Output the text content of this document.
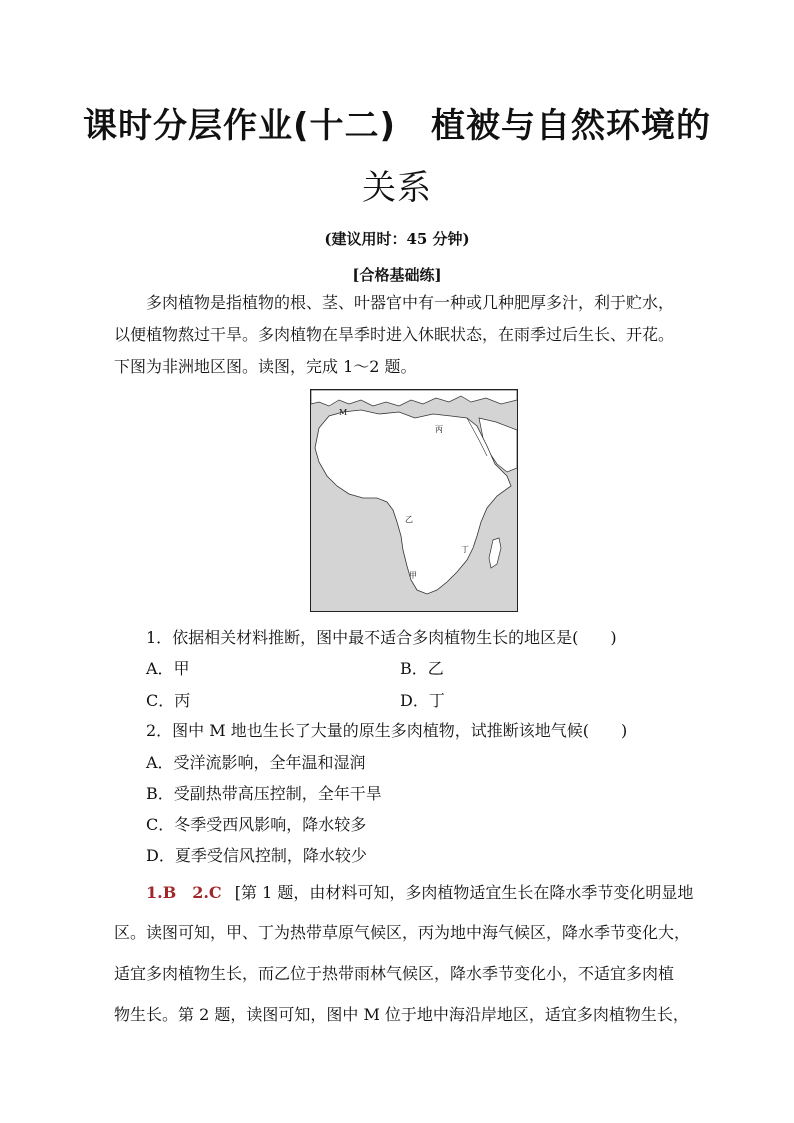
课时分层作业(十二)　植被与自然环境的
关系
(建议用时：45 分钟)
[合格基础练]
多肉植物是指植物的根、茎、叶器官中有一种或几种肥厚多汁，利于贮水，
以便植物熬过干旱。多肉植物在旱季时进入休眠状态，在雨季过后生长、开花。
下图为非洲地区图。读图，完成 1～2 题。
M
丙
乙
丁
甲
1．依据相关材料推断，图中最不适合多肉植物生长的地区是(　　)
A．甲	B．乙
C．丙	D．丁
2．图中 M 地也生长了大量的原生多肉植物，试推断该地气候(　　)
A．受洋流影响，全年温和湿润
B．受副热带高压控制，全年干旱
C．冬季受西风影响，降水较多
D．夏季受信风控制，降水较少
1.B　2.C [第 1 题，由材料可知，多肉植物适宜生长在降水季节变化明显地
区。读图可知，甲、丁为热带草原气候区，丙为地中海气候区，降水季节变化大，
适宜多肉植物生长，而乙位于热带雨林气候区，降水季节变化小，不适宜多肉植
物生长。第 2 题，读图可知，图中 M 位于地中海沿岸地区，适宜多肉植物生长，
